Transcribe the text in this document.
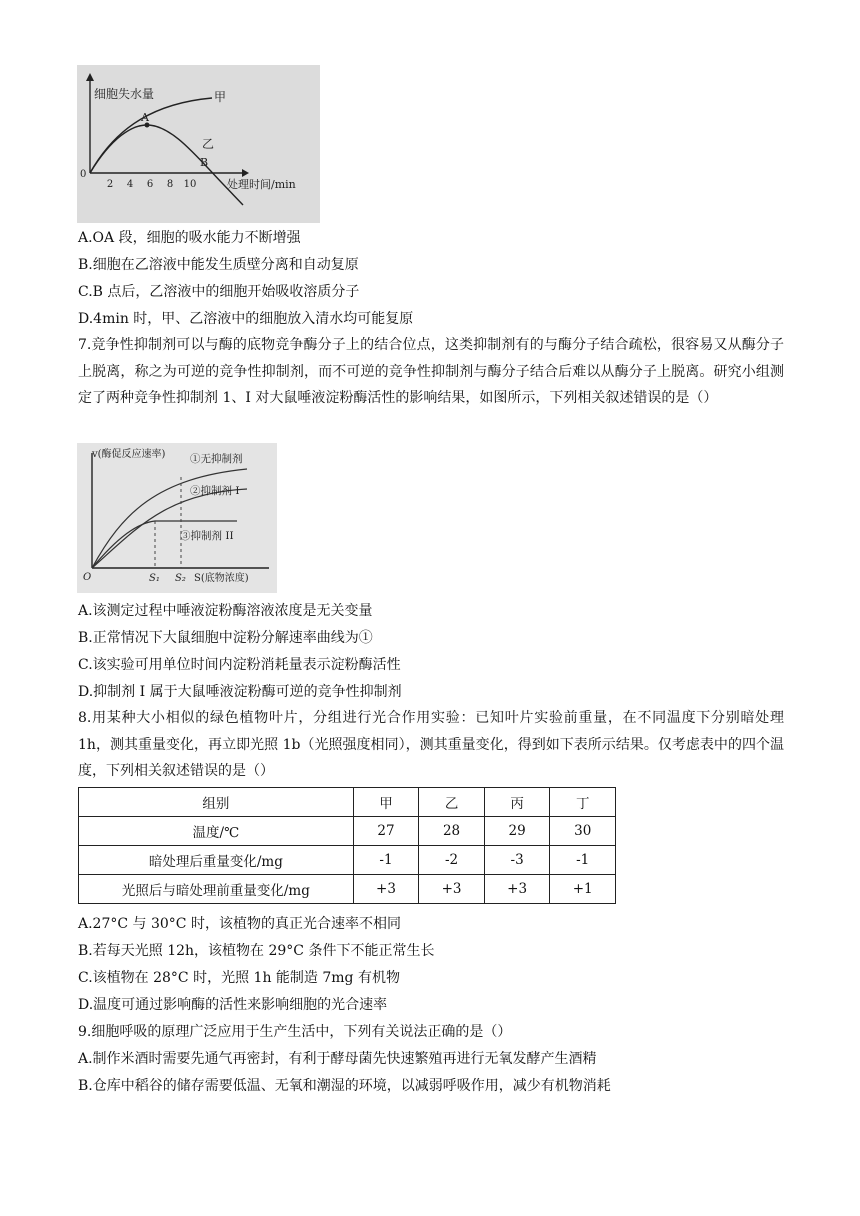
细胞失水量	甲
乙
A
B
0
2 4 6 8 10	处理时间/min
A.OA 段，细胞的吸水能力不断增强
B.细胞在乙溶液中能发生质壁分离和自动复原
C.B 点后，乙溶液中的细胞开始吸收溶质分子
D.4min 时，甲、乙溶液中的细胞放入清水均可能复原
7.竞争性抑制剂可以与酶的底物竞争酶分子上的结合位点，这类抑制剂有的与酶分子结合疏松，很容易又从酶分子上脱离，称之为可逆的竞争性抑制剂，而不可逆的竞争性抑制剂与酶分子结合后难以从酶分子上脱离。研究小组测定了两种竞争性抑制剂 1、I 对大鼠唾液淀粉酶活性的影响结果，如图所示，下列相关叙述错误的是（）
v(酶促反应速率) ①无抑制剂
②抑制剂 I
③抑制剂 II
O	S₁ S₂ S(底物浓度)
A.该测定过程中唾液淀粉酶溶液浓度是无关变量
B.正常情况下大鼠细胞中淀粉分解速率曲线为①
C.该实验可用单位时间内淀粉消耗量表示淀粉酶活性
D.抑制剂 I 属于大鼠唾液淀粉酶可逆的竞争性抑制剂
8.用某种大小相似的绿色植物叶片，分组进行光合作用实验：已知叶片实验前重量，在不同温度下分别暗处理 1h，测其重量变化，再立即光照 1b（光照强度相同），测其重量变化，得到如下表所示结果。仅考虑表中的四个温度，下列相关叙述错误的是（）
组别	甲	乙	丙	丁
温度/℃	27	28	29	30
暗处理后重量变化/mg	-1	-2	-3	-1
光照后与暗处理前重量变化/mg	+3	+3	+3	+1
A.27°C 与 30°C 时，该植物的真正光合速率不相同
B.若每天光照 12h，该植物在 29°C 条件下不能正常生长
C.该植物在 28°C 时，光照 1h 能制造 7mg 有机物
D.温度可通过影响酶的活性来影响细胞的光合速率
9.细胞呼吸的原理广泛应用于生产生活中，下列有关说法正确的是（）
A.制作米酒时需要先通气再密封，有利于酵母菌先快速繁殖再进行无氧发酵产生酒精
B.仓库中稻谷的储存需要低温、无氧和潮湿的环境，以减弱呼吸作用，减少有机物消耗
